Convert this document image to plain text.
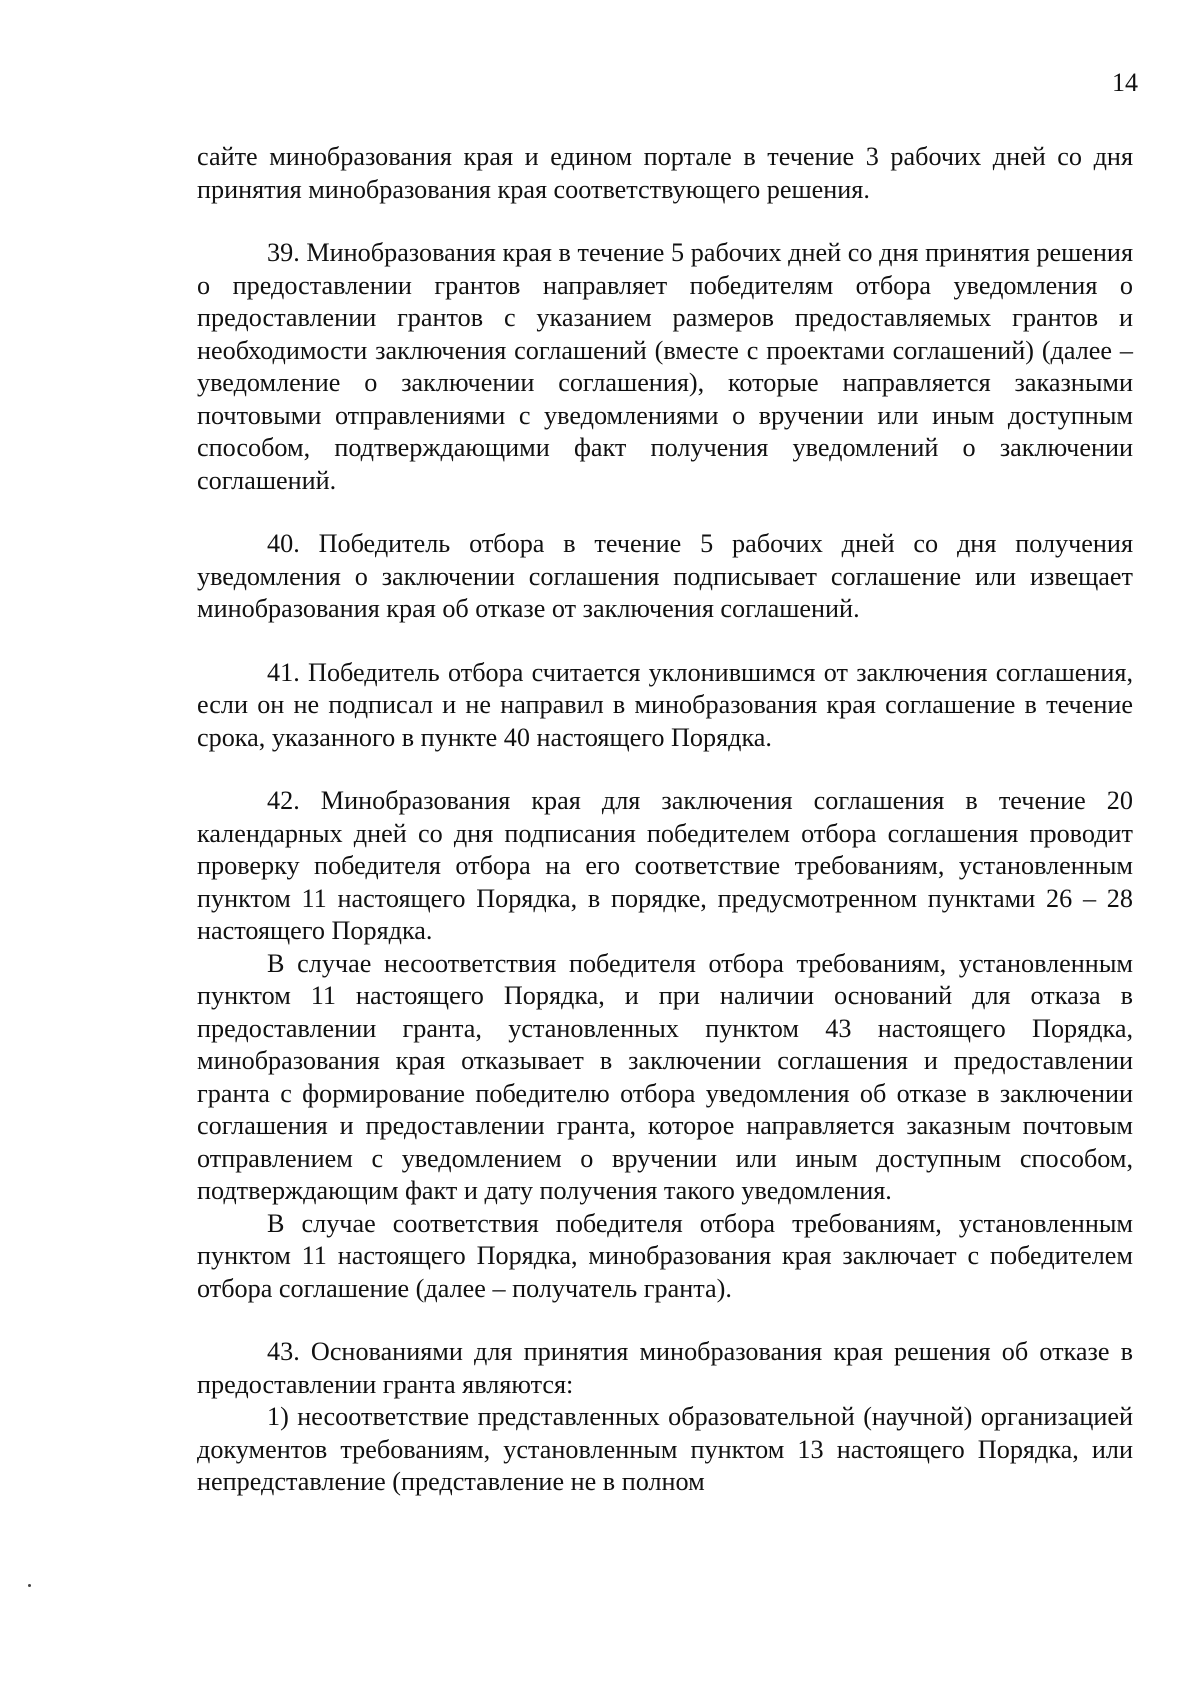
14

сайте минобразования края и едином портале в течение 3 рабочих дней со дня принятия минобразования края соответствующего решения.

39. Минобразования края в течение 5 рабочих дней со дня принятия решения о предоставлении грантов направляет победителям отбора уведомления о предоставлении грантов с указанием размеров предоставляемых грантов и необходимости заключения соглашений (вместе с проектами соглашений) (далее – уведомление о заключении соглашения), которые направляется заказными почтовыми отправлениями с уведомлениями о вручении или иным доступным способом, подтверждающими факт получения уведомлений о заключении соглашений.

40. Победитель отбора в течение 5 рабочих дней со дня получения уведомления о заключении соглашения подписывает соглашение или извещает минобразования края об отказе от заключения соглашений.

41. Победитель отбора считается уклонившимся от заключения соглашения, если он не подписал и не направил в минобразования края соглашение в течение срока, указанного в пункте 40 настоящего Порядка.

42. Минобразования края для заключения соглашения в течение 20 календарных дней со дня подписания победителем отбора соглашения проводит проверку победителя отбора на его соответствие требованиям, установленным пунктом 11 настоящего Порядка, в порядке, предусмотренном пунктами 26 – 28 настоящего Порядка.

В случае несоответствия победителя отбора требованиям, установленным пунктом 11 настоящего Порядка, и при наличии оснований для отказа в предоставлении гранта, установленных пунктом 43 настоящего Порядка, минобразования края отказывает в заключении соглашения и предоставлении гранта с формирование победителю отбора уведомления об отказе в заключении соглашения и предоставлении гранта, которое направляется заказным почтовым отправлением с уведомлением о вручении или иным доступным способом, подтверждающим факт и дату получения такого уведомления.

В случае соответствия победителя отбора требованиям, установленным пунктом 11 настоящего Порядка, минобразования края заключает с победителем отбора соглашение (далее – получатель гранта).

43. Основаниями для принятия минобразования края решения об отказе в предоставлении гранта являются:

1) несоответствие представленных образовательной (научной) организацией документов требованиям, установленным пунктом 13 настоящего Порядка, или непредставление (представление не в полном
